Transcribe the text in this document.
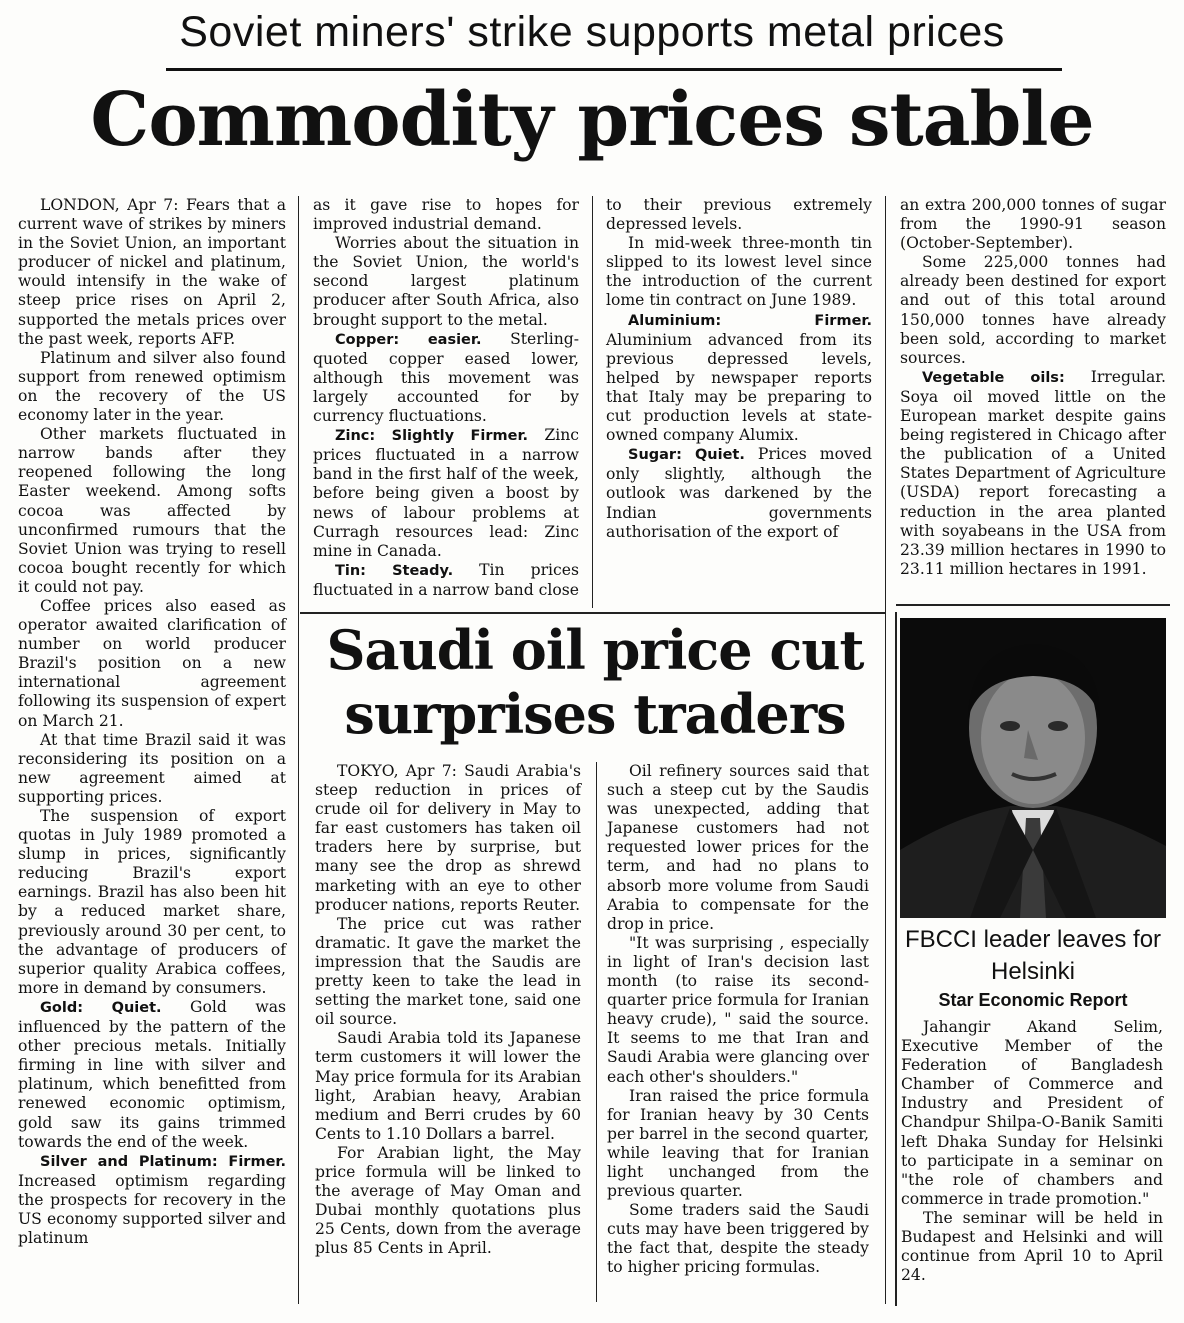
Soviet miners' strike supports metal prices
Commodity prices stable

LONDON, Apr 7: Fears that a current wave of strikes by miners in the Soviet Union, an important producer of nickel and platinum, would intensify in the wake of steep price rises on April 2, supported the metals prices over the past week, reports AFP.

Platinum and silver also found support from renewed optimism on the recovery of the US economy later in the year.

Other markets fluctuated in narrow bands after they reopened following the long Easter weekend. Among softs cocoa was affected by unconfirmed rumours that the Soviet Union was trying to resell cocoa bought recently for which it could not pay.

Coffee prices also eased as operator awaited clarification of number on world producer Brazil's position on a new international agreement following its suspension of expert on March 21.

At that time Brazil said it was reconsidering its position on a new agreement aimed at supporting prices.

The suspension of export quotas in July 1989 promoted a slump in prices, significantly reducing Brazil's export earnings. Brazil has also been hit by a reduced market share, previously around 30 per cent, to the advantage of producers of superior quality Arabica coffees, more in demand by consumers.

Gold: Quiet. Gold was influenced by the pattern of the other precious metals. Initially firming in line with silver and platinum, which benefitted from renewed economic optimism, gold saw its gains trimmed towards the end of the week.

Silver and Platinum: Firmer. Increased optimism regarding the prospects for recovery in the US economy supported silver and platinum

as it gave rise to hopes for improved industrial demand.

Worries about the situation in the Soviet Union, the world's second largest platinum producer after South Africa, also brought support to the metal.

Copper: easier. Sterling-quoted copper eased lower, although this movement was largely accounted for by currency fluctuations.

Zinc: Slightly Firmer. Zinc prices fluctuated in a narrow band in the first half of the week, before being given a boost by news of labour problems at Curragh resources lead: Zinc mine in Canada.

Tin: Steady. Tin prices fluctuated in a narrow band close

to their previous extremely depressed levels.

In mid-week three-month tin slipped to its lowest level since the introduction of the current lome tin contract on June 1989.

Aluminium: Firmer. Aluminium advanced from its previous depressed levels, helped by newspaper reports that Italy may be preparing to cut production levels at state-owned company Alumix.

Sugar: Quiet. Prices moved only slightly, although the outlook was darkened by the Indian governments authorisation of the export of

an extra 200,000 tonnes of sugar from the 1990-91 season (October-September).

Some 225,000 tonnes had already been destined for export and out of this total around 150,000 tonnes have already been sold, according to market sources.

Vegetable oils: Irregular. Soya oil moved little on the European market despite gains being registered in Chicago after the publication of a United States Department of Agriculture (USDA) report forecasting a reduction in the area planted with soyabeans in the USA from 23.39 million hectares in 1990 to 23.11 million hectares in 1991.

Saudi oil price cut surprises traders

TOKYO, Apr 7: Saudi Arabia's steep reduction in prices of crude oil for delivery in May to far east customers has taken oil traders here by surprise, but many see the drop as shrewd marketing with an eye to other producer nations, reports Reuter.

The price cut was rather dramatic. It gave the market the impression that the Saudis are pretty keen to take the lead in setting the market tone, said one oil source.

Saudi Arabia told its Japanese term customers it will lower the May price formula for its Arabian light, Arabian heavy, Arabian medium and Berri crudes by 60 Cents to 1.10 Dollars a barrel.

For Arabian light, the May price formula will be linked to the average of May Oman and Dubai monthly quotations plus 25 Cents, down from the average plus 85 Cents in April.

Oil refinery sources said that such a steep cut by the Saudis was unexpected, adding that Japanese customers had not requested lower prices for the term, and had no plans to absorb more volume from Saudi Arabia to compensate for the drop in price.

"It was surprising , especially in light of Iran's decision last month (to raise its second-quarter price formula for Iranian heavy crude), " said the source. It seems to me that Iran and Saudi Arabia were glancing over each other's shoulders."

Iran raised the price formula for Iranian heavy by 30 Cents per barrel in the second quarter, while leaving that for Iranian light unchanged from the previous quarter.

Some traders said the Saudi cuts may have been triggered by the fact that, despite the steady to higher pricing formulas.

FBCCI leader leaves for Helsinki
Star Economic Report

Jahangir Akand Selim, Executive Member of the Federation of Bangladesh Chamber of Commerce and Industry and President of Chandpur Shilpa-O-Banik Samiti left Dhaka Sunday for Helsinki to participate in a seminar on "the role of chambers and commerce in trade promotion."

The seminar will be held in Budapest and Helsinki and will continue from April 10 to April 24.
